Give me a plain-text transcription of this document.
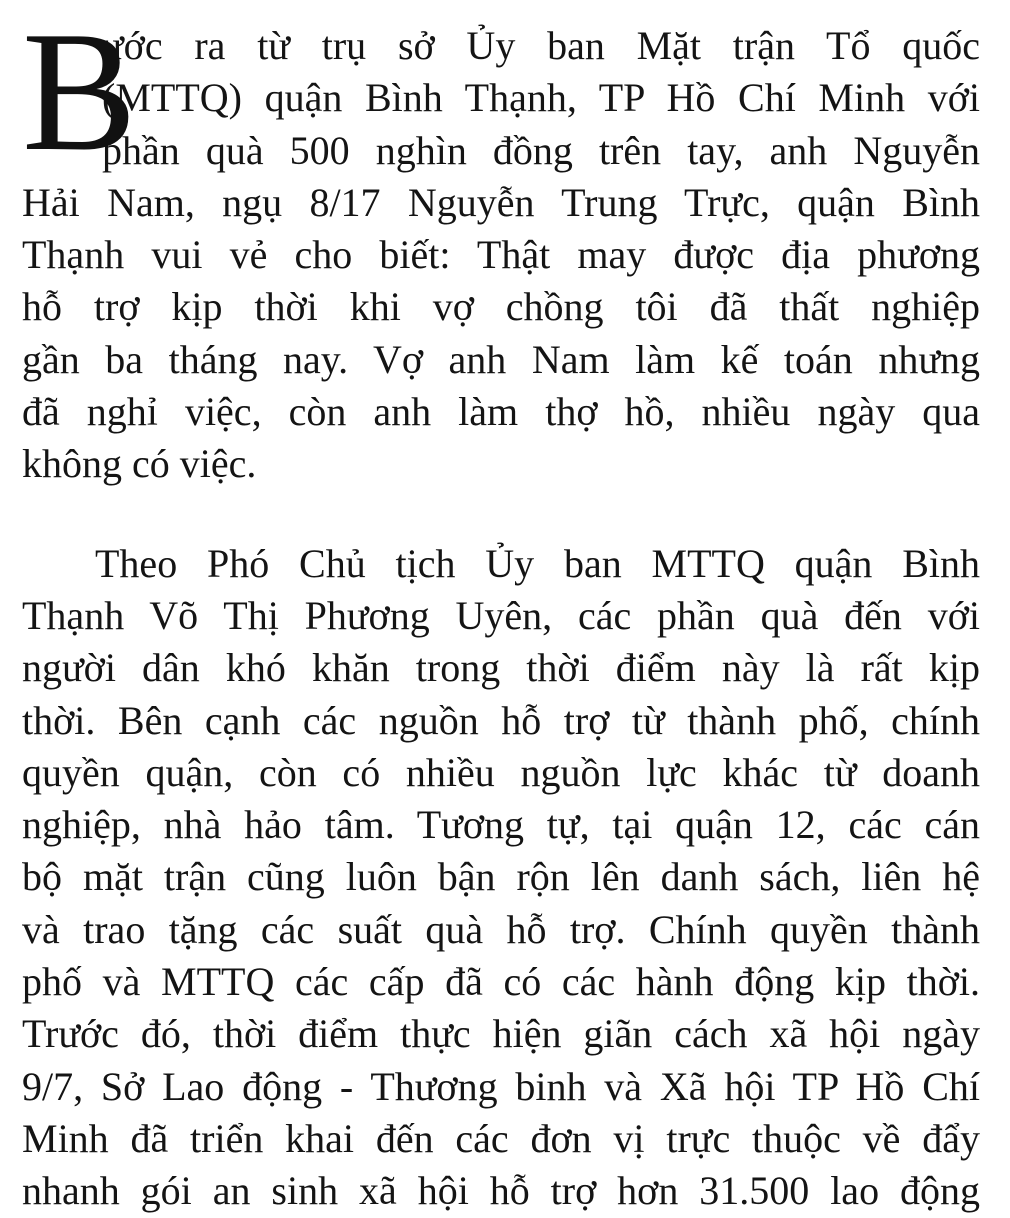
B
ước ra từ trụ sở Ủy ban Mặt trận Tổ quốc
(MTTQ) quận Bình Thạnh, TP Hồ Chí Minh với
phần quà 500 nghìn đồng trên tay, anh Nguyễn
Hải Nam, ngụ 8/17 Nguyễn Trung Trực, quận Bình
Thạnh vui vẻ cho biết: Thật may được địa phương
hỗ trợ kịp thời khi vợ chồng tôi đã thất nghiệp
gần ba tháng nay. Vợ anh Nam làm kế toán nhưng
đã nghỉ việc, còn anh làm thợ hồ, nhiều ngày qua
không có việc.
Theo Phó Chủ tịch Ủy ban MTTQ quận Bình
Thạnh Võ Thị Phương Uyên, các phần quà đến với
người dân khó khăn trong thời điểm này là rất kịp
thời. Bên cạnh các nguồn hỗ trợ từ thành phố, chính
quyền quận, còn có nhiều nguồn lực khác từ doanh
nghiệp, nhà hảo tâm. Tương tự, tại quận 12, các cán
bộ mặt trận cũng luôn bận rộn lên danh sách, liên hệ
và trao tặng các suất quà hỗ trợ. Chính quyền thành
phố và MTTQ các cấp đã có các hành động kịp thời.
Trước đó, thời điểm thực hiện giãn cách xã hội ngày
9/7, Sở Lao động - Thương binh và Xã hội TP Hồ Chí
Minh đã triển khai đến các đơn vị trực thuộc về đẩy
nhanh gói an sinh xã hội hỗ trợ hơn 31.500 lao động
